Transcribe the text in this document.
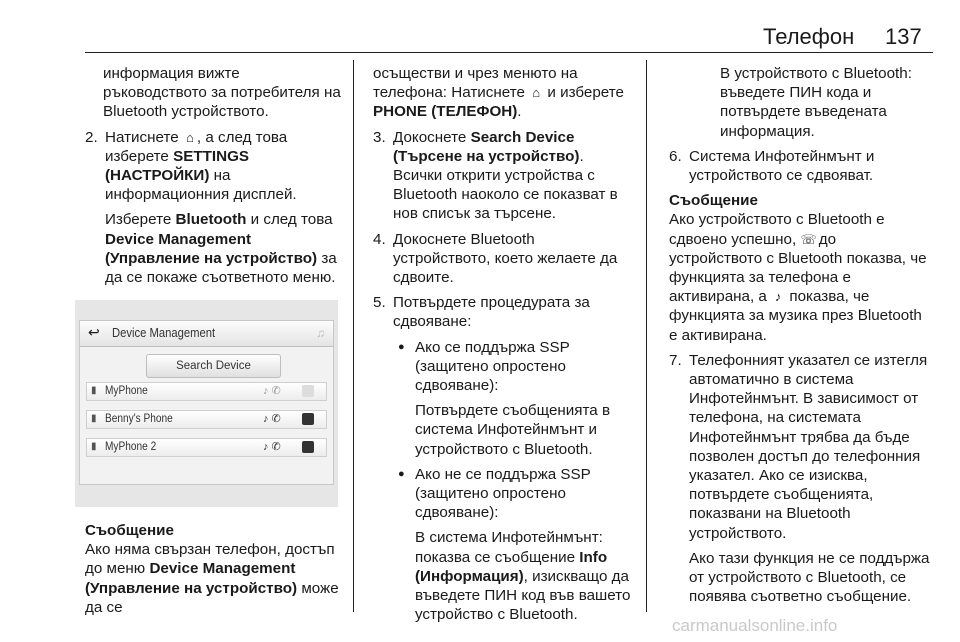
Телефон 137

информация вижте ръководството за потребителя на Bluetooth устройството.

2. Натиснете ⌂ , а след това изберете SETTINGS (НАСТРОЙКИ) на информационния дисплей.

Изберете Bluetooth и след това Device Management (Управление на устройство) за да се покаже съответното меню.

↩ Device Management	♫
Search Device
▮ MyPhone	♪ ✆
▮ Benny's Phone	♪ ✆
▮ MyPhone 2	♪ ✆

Съобщение

Ако няма свързан телефон, достъп до меню Device Management (Управление на устройство) може да се

осъществи и чрез менюто на телефона: Натиснете ⌂ и изберете PHONE (ТЕЛЕФОН).

3. Докоснете Search Device (Търсене на устройство). Всички открити устройства с Bluetooth наоколо се показват в нов списък за търсене.

4. Докоснете Bluetooth устройството, което желаете да сдвоите.

5. Потвърдете процедурата за сдвояване:

● Ако се поддържа SSP (защитено опростено сдвояване):

Потвърдете съобщенията в система Инфотейнмънт и устройството с Bluetooth.

● Ако не се поддържа SSP (защитено опростено сдвояване):

В система Инфотейнмънт: показва се съобщение Info (Информация), изискващо да въведете ПИН код във вашето устройство с Bluetooth.

В устройството с Bluetooth: въведете ПИН кода и потвърдете въведената информация.

6. Система Инфотейнмънт и устройството се сдвояват.

Съобщение

Ако устройството с Bluetooth е сдвоено успешно, ☏ до устройството с Bluetooth показва, че функцията за телефона е активирана, а ♪ показва, че функцията за музика през Bluetooth е активирана.

7. Телефонният указател се изтегля автоматично в система Инфотейнмънт. В зависимост от телефона, на системата Инфотейнмънт трябва да бъде позволен достъп до телефонния указател. Ако се изисква, потвърдете съобщенията, показвани на Bluetooth устройството.

Ако тази функция не се поддържа от устройството с Bluetooth, се появява съответно съобщение.

carmanualsonline.info
